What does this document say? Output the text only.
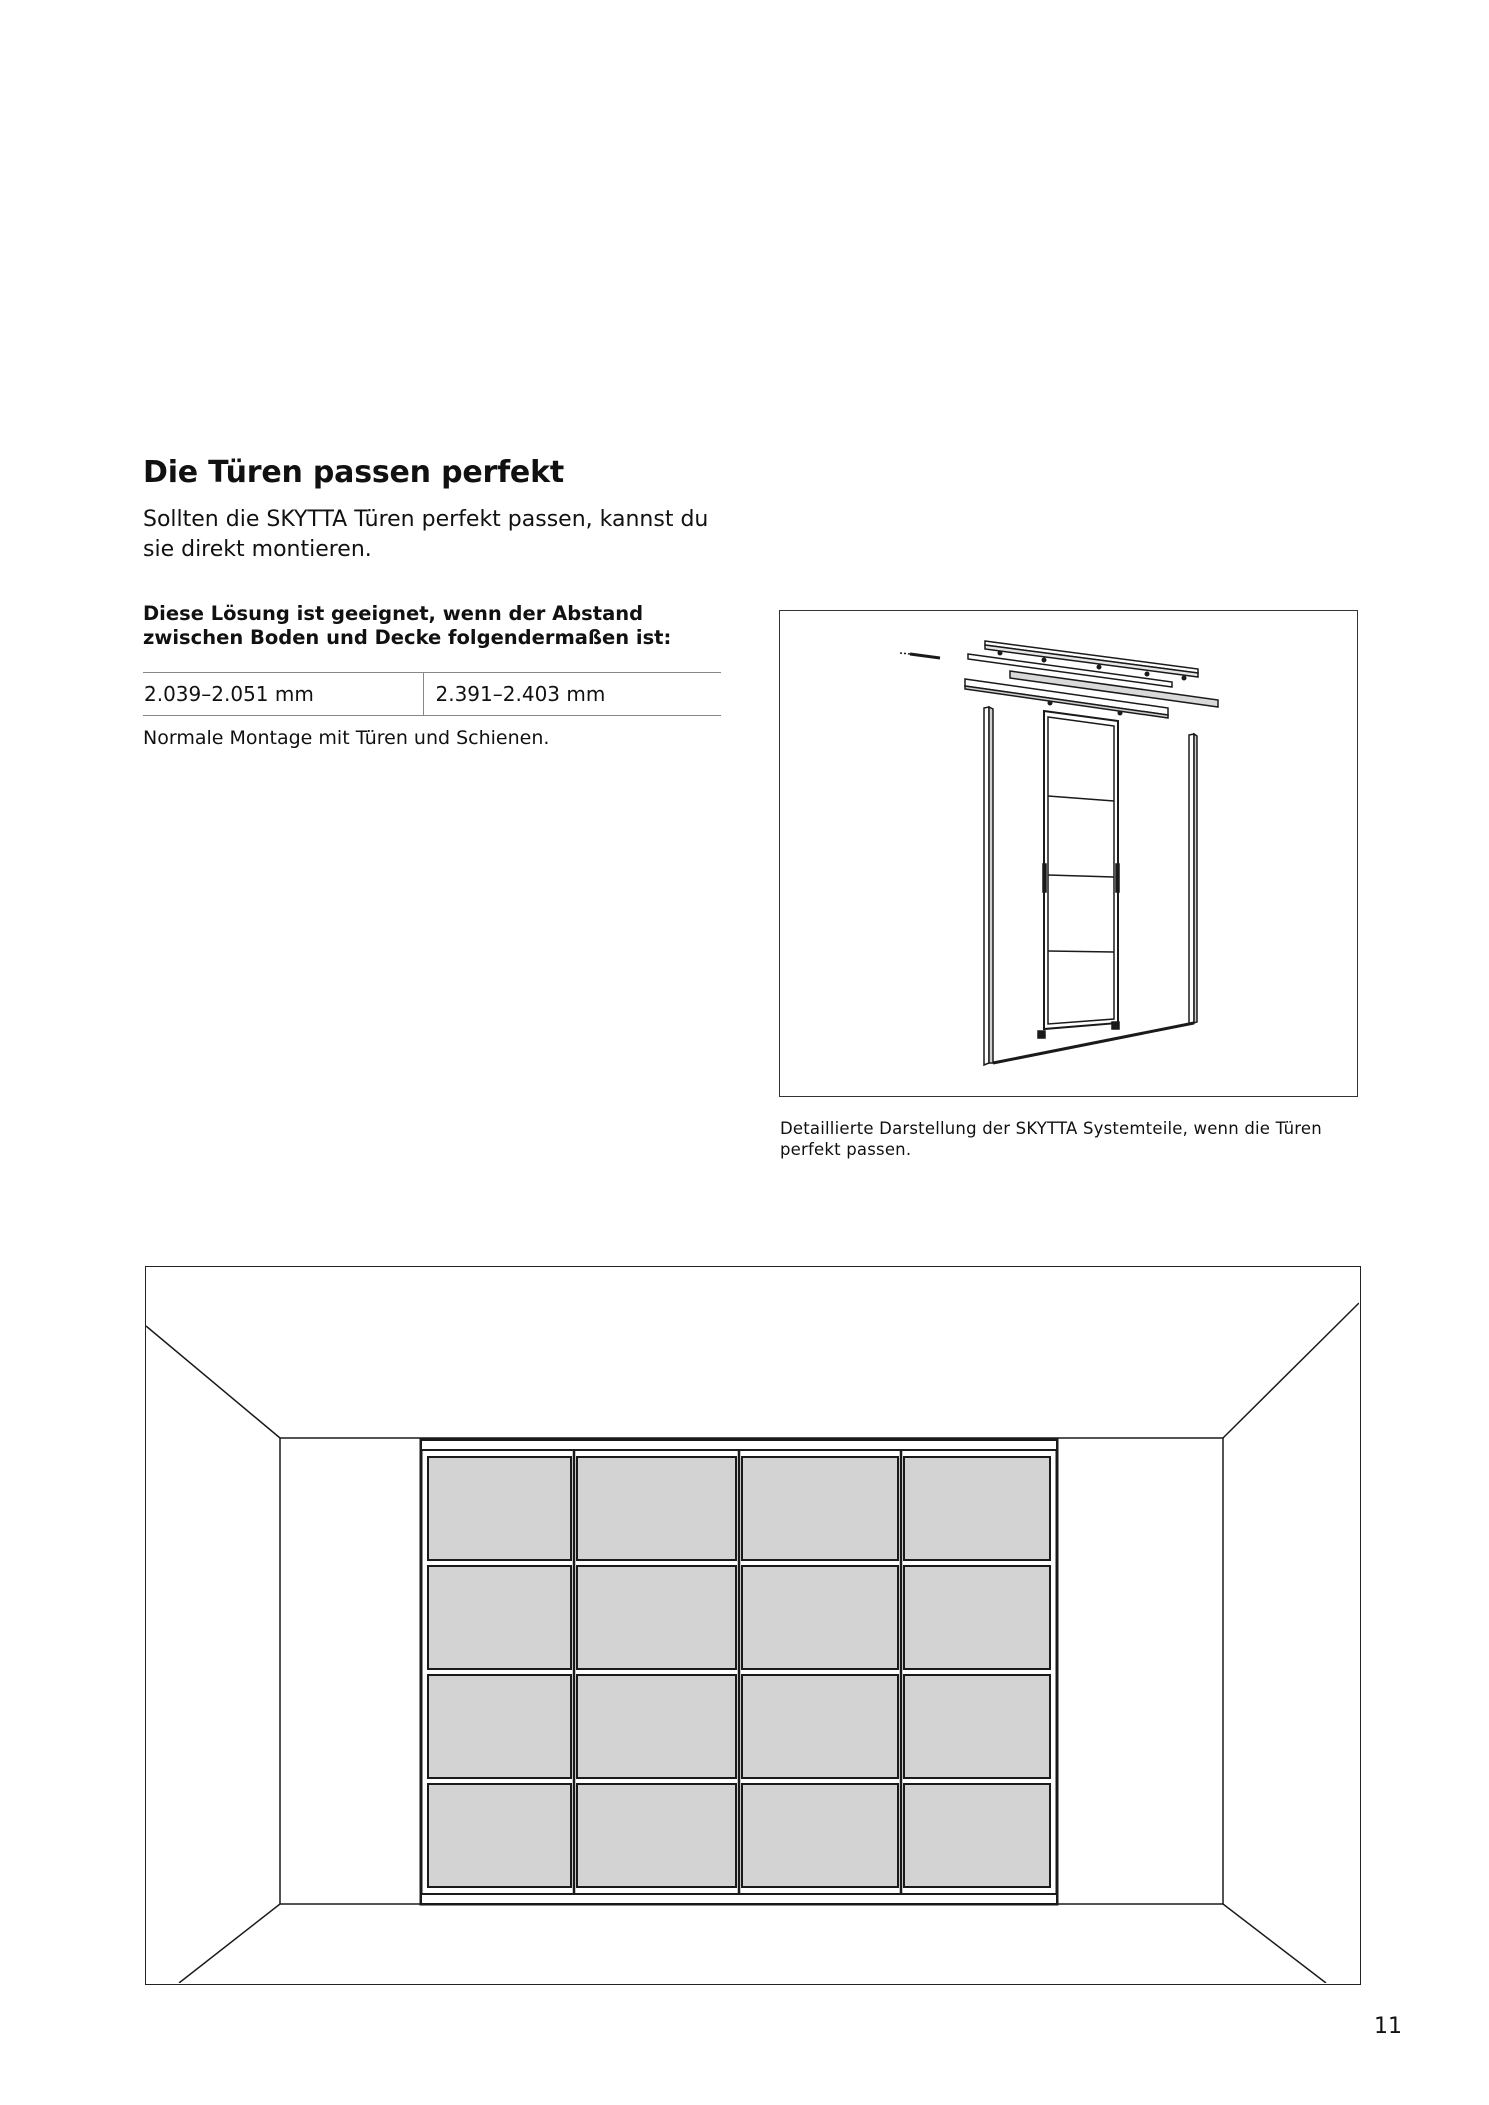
Die Türen passen perfekt

Sollten die SKYTTA Türen perfekt passen, kannst du sie direkt montieren.

Diese Lösung ist geeignet, wenn der Abstand zwischen Boden und Decke folgendermaßen ist:

2.039–2.051 mm	2.391–2.403 mm

Normale Montage mit Türen und Schienen.

Detaillierte Darstellung der SKYTTA Systemteile, wenn die Türen perfekt passen.

11
